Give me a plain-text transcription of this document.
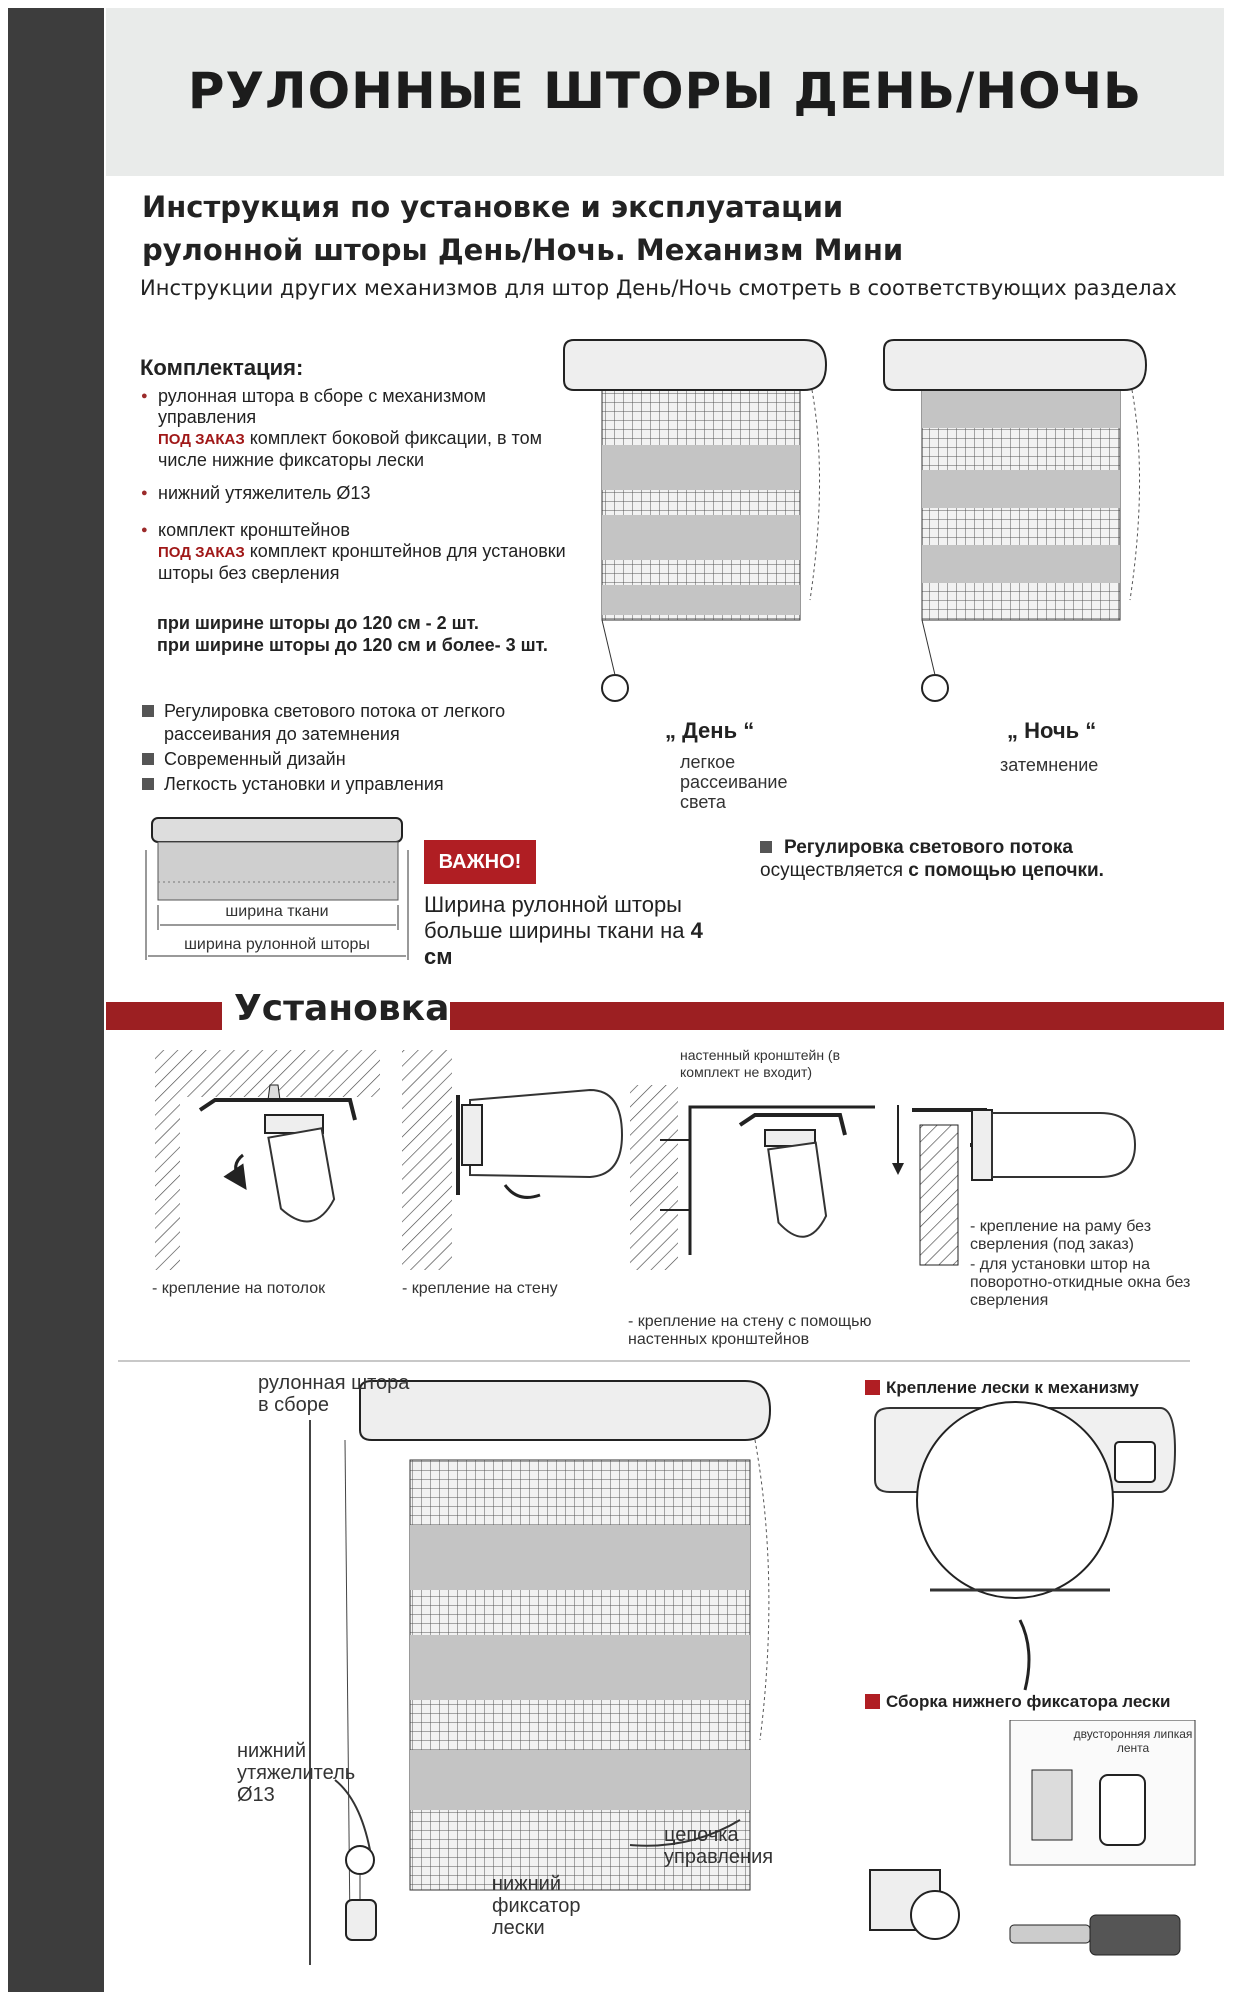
РУЛОННЫЕ ШТОРЫ ДЕНЬ/НОЧЬ
Инструкция по установке и эксплуатации
рулонной шторы День/Ночь. Механизм Мини
Инструкции других механизмов для штор День/Ночь смотреть в соответствующих разделах
Комплектация:
● рулонная штора в сборе с механизмом управления
ПОД ЗАКАЗ комплект боковой фиксации, в том числе нижние фиксаторы лески
● нижний утяжелитель Ø13
● комплект кронштейнов
ПОД ЗАКАЗ комплект кронштейнов для установки шторы без сверления
при ширине шторы до 120 см - 2 шт.
при ширине шторы до 120 см и более- 3 шт.
Регулировка светового потока от легкого рассеивания до затемнения
Современный дизайн
Легкость установки и управления
„ День “
легкое рассеивание света
„ Ночь “
затемнение
ширина ткани
ширина рулонной шторы
ВАЖНО!
Ширина рулонной шторы больше ширины ткани на 4 см
Регулировка светового потока
осуществляется с помощью цепочки.
Установка
- крепление на потолок	- крепление на стену
настенный кронштейн (в комплект не входит)
- крепление на стену с помощью настенных кронштейнов
- крепление на раму без сверления (под заказ)
- для установки штор на поворотно-откидные окна без сверления
рулонная штора в сборе
нижний утяжелитель Ø13
нижний фиксатор лески
цепочка управления
Крепление лески к механизму
Сборка нижнего фиксатора лески
двусторонняя липкая лента
